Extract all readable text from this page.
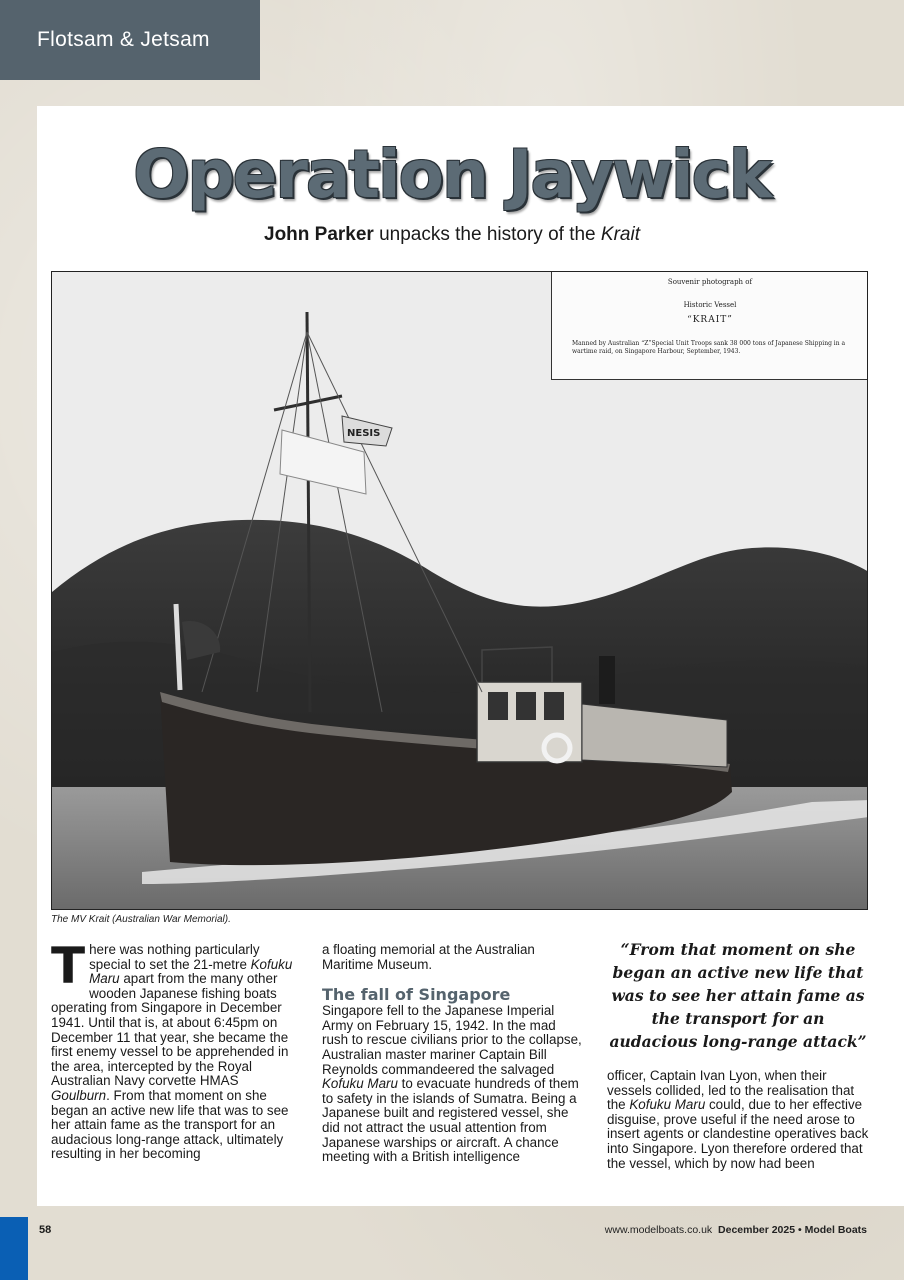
Flotsam & Jetsam
Operation Jaywick
John Parker unpacks the history of the Krait
NESIS
Souvenir photograph of
Historic Vessel
“KRAIT”
Manned by Australian “Z”Special Unit Troops sank 38 000 tons of Japanese Shipping in a wartime raid, on Singapore Harbour, September, 1943.
The MV Krait (Australian War Memorial).

There was nothing particularly special to set the 21-metre Kofuku Maru apart from the many other wooden Japanese fishing boats operating from Singapore in December 1941. Until that is, at about 6:45pm on December 11 that year, she became the first enemy vessel to be apprehended in the area, intercepted by the Royal Australian Navy corvette HMAS Goulburn. From that moment on she began an active new life that was to see her attain fame as the transport for an audacious long-range attack, ultimately resulting in her becoming

a floating memorial at the Australian Maritime Museum.

The fall of Singapore

Singapore fell to the Japanese Imperial Army on February 15, 1942. In the mad rush to rescue civilians prior to the collapse, Australian master mariner Captain Bill Reynolds commandeered the salvaged Kofuku Maru to evacuate hundreds of them to safety in the islands of Sumatra. Being a Japanese built and registered vessel, she did not attract the usual attention from Japanese warships or aircraft. A chance meeting with a British intelligence

“From that moment on she began an active new life that was to see her attain fame as the transport for an audacious long-range attack”

officer, Captain Ivan Lyon, when their vessels collided, led to the realisation that the Kofuku Maru could, due to her effective disguise, prove useful if the need arose to insert agents or clandestine operatives back into Singapore. Lyon therefore ordered that the vessel, which by now had been

58	www.modelboats.co.uk December 2025 • Model Boats
